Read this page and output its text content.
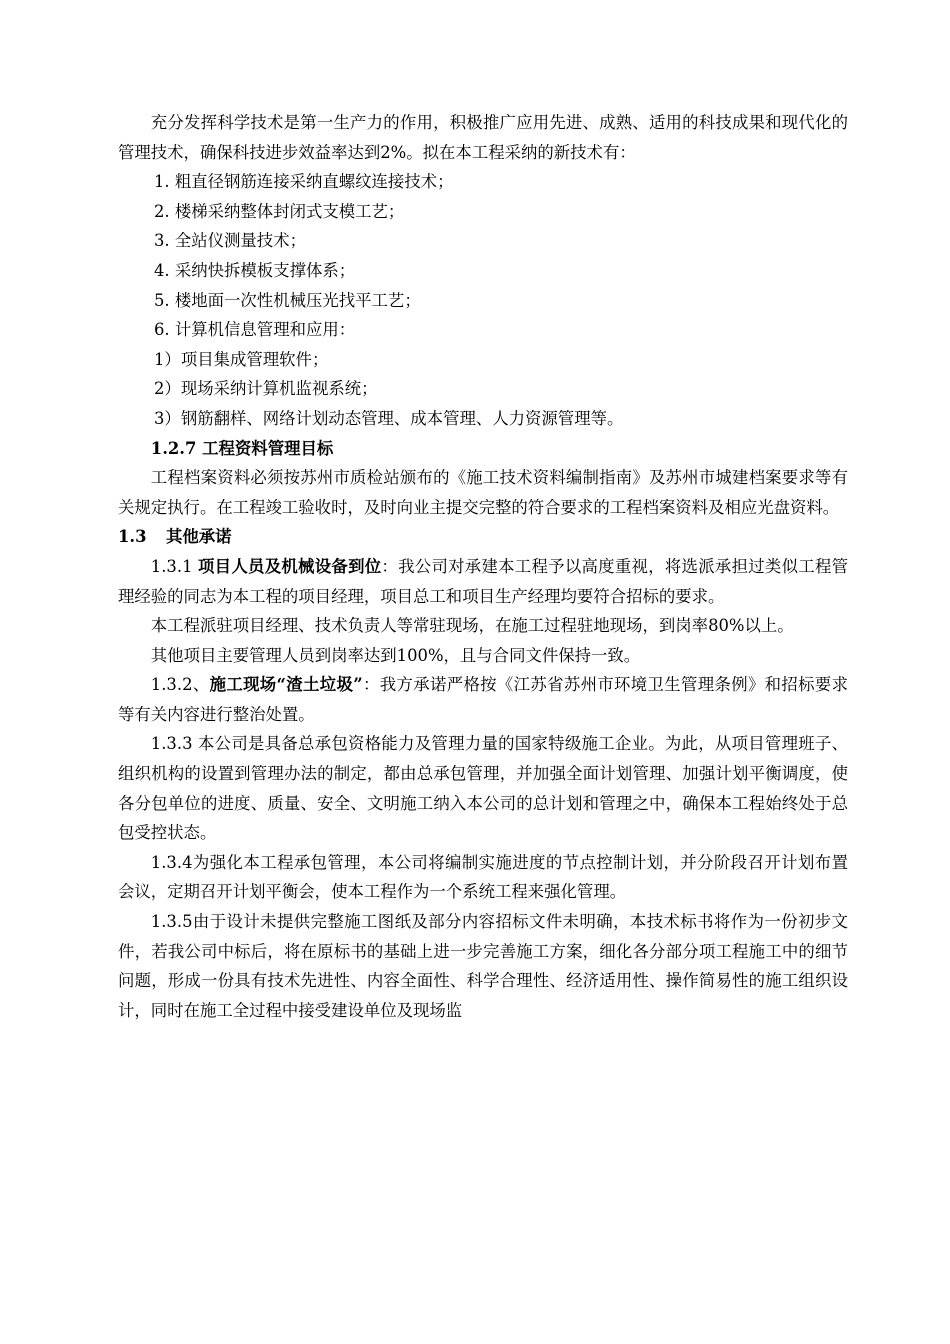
充分发挥科学技术是第一生产力的作用，积极推广应用先进、成熟、适用的科技成果和现代化的管理技术，确保科技进步效益率达到2%。拟在本工程采纳的新技术有：

1. 粗直径钢筋连接采纳直螺纹连接技术；

2. 楼梯采纳整体封闭式支模工艺；

3. 全站仪测量技术；

4. 采纳快拆模板支撑体系；

5. 楼地面一次性机械压光找平工艺；

6. 计算机信息管理和应用：

1）项目集成管理软件；

2）现场采纳计算机监视系统；

3）钢筋翻样、网络计划动态管理、成本管理、人力资源管理等。

1.2.7 工程资料管理目标

工程档案资料必须按苏州市质检站颁布的《施工技术资料编制指南》及苏州市城建档案要求等有关规定执行。在工程竣工验收时，及时向业主提交完整的符合要求的工程档案资料及相应光盘资料。

1.3 其他承诺

1.3.1 项目人员及机械设备到位：我公司对承建本工程予以高度重视，将选派承担过类似工程管理经验的同志为本工程的项目经理，项目总工和项目生产经理均要符合招标的要求。

本工程派驻项目经理、技术负责人等常驻现场，在施工过程驻地现场，到岗率80%以上。

其他项目主要管理人员到岗率达到100%，且与合同文件保持一致。

1.3.2、施工现场“渣土垃圾”：我方承诺严格按《江苏省苏州市环境卫生管理条例》和招标要求等有关内容进行整治处置。

1.3.3 本公司是具备总承包资格能力及管理力量的国家特级施工企业。为此，从项目管理班子、组织机构的设置到管理办法的制定，都由总承包管理，并加强全面计划管理、加强计划平衡调度，使各分包单位的进度、质量、安全、文明施工纳入本公司的总计划和管理之中，确保本工程始终处于总包受控状态。

1.3.4为强化本工程承包管理，本公司将编制实施进度的节点控制计划，并分阶段召开计划布置会议，定期召开计划平衡会，使本工程作为一个系统工程来强化管理。

1.3.5由于设计未提供完整施工图纸及部分内容招标文件未明确，本技术标书将作为一份初步文件，若我公司中标后，将在原标书的基础上进一步完善施工方案，细化各分部分项工程施工中的细节问题，形成一份具有技术先进性、内容全面性、科学合理性、经济适用性、操作简易性的施工组织设计，同时在施工全过程中接受建设单位及现场监
